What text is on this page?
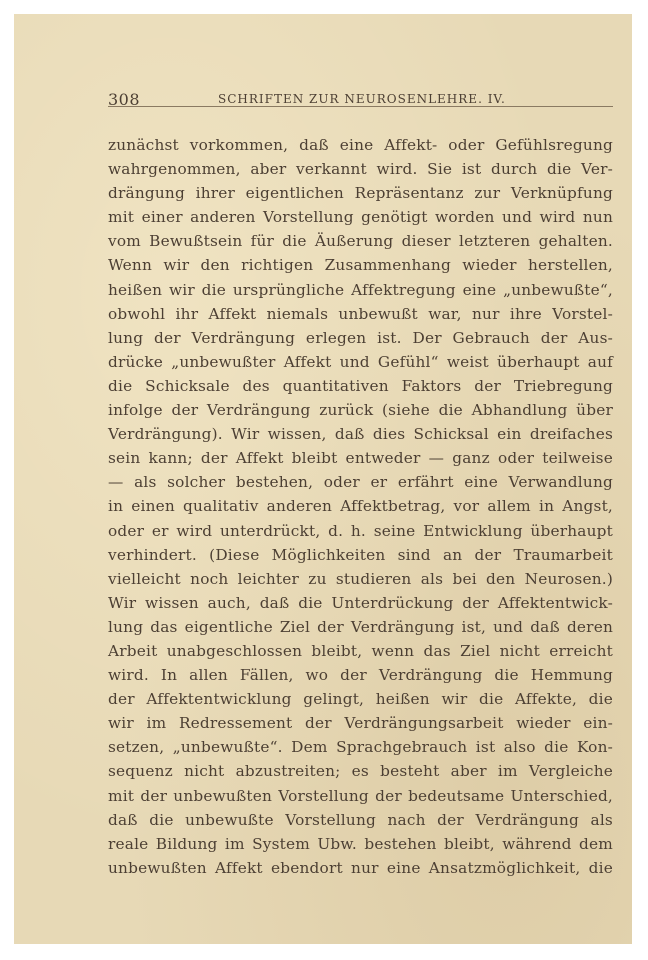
308	SCHRIFTEN ZUR NEUROSENLEHRE. IV.
zunächst vorkommen, daß eine Affekt- oder Gefühlsregung
wahrgenommen, aber verkannt wird. Sie ist durch die Ver-
drängung ihrer eigentlichen Repräsentanz zur Verknüpfung
mit einer anderen Vorstellung genötigt worden und wird nun
vom Bewußtsein für die Äußerung dieser letzteren gehalten.
Wenn wir den richtigen Zusammenhang wieder herstellen,
heißen wir die ursprüngliche Affektregung eine „unbewußte“,
obwohl ihr Affekt niemals unbewußt war, nur ihre Vorstel-
lung der Verdrängung erlegen ist. Der Gebrauch der Aus-
drücke „unbewußter Affekt und Gefühl“ weist überhaupt auf
die Schicksale des quantitativen Faktors der Triebregung
infolge der Verdrängung zurück (siehe die Abhandlung über
Verdrängung). Wir wissen, daß dies Schicksal ein dreifaches
sein kann; der Affekt bleibt entweder — ganz oder teilweise
— als solcher bestehen, oder er erfährt eine Verwandlung
in einen qualitativ anderen Affektbetrag, vor allem in Angst,
oder er wird unterdrückt, d. h. seine Entwicklung überhaupt
verhindert. (Diese Möglichkeiten sind an der Traumarbeit
vielleicht noch leichter zu studieren als bei den Neurosen.)
Wir wissen auch, daß die Unterdrückung der Affektentwick-
lung das eigentliche Ziel der Verdrängung ist, und daß deren
Arbeit unabgeschlossen bleibt, wenn das Ziel nicht erreicht
wird. In allen Fällen, wo der Verdrängung die Hemmung
der Affektentwicklung gelingt, heißen wir die Affekte, die
wir im Redressement der Verdrängungsarbeit wieder ein-
setzen, „unbewußte“. Dem Sprachgebrauch ist also die Kon-
sequenz nicht abzustreiten; es besteht aber im Vergleiche
mit der unbewußten Vorstellung der bedeutsame Unterschied,
daß die unbewußte Vorstellung nach der Verdrängung als
reale Bildung im System Ubw. bestehen bleibt, während dem
unbewußten Affekt ebendort nur eine Ansatzmöglichkeit, die
